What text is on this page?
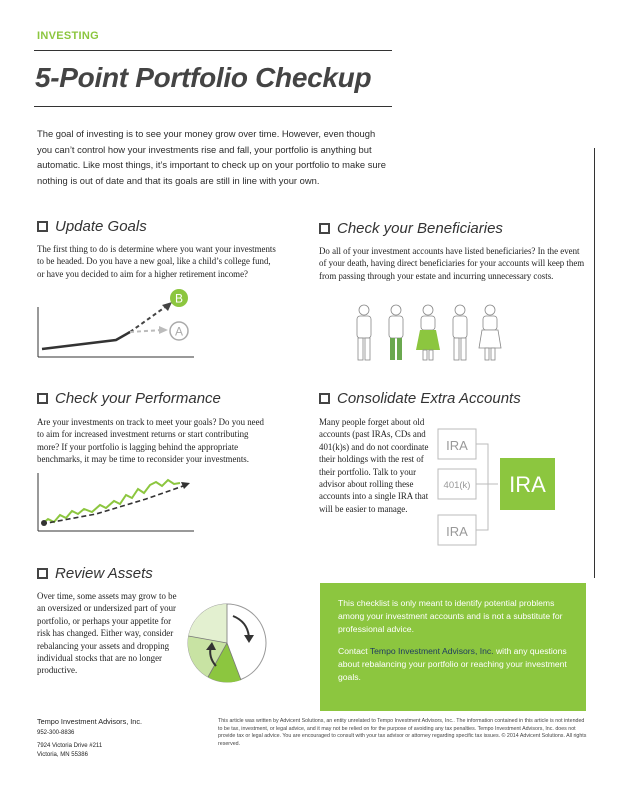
INVESTING
5-Point Portfolio Checkup
The goal of investing is to see your money grow over time. However, even though you can’t control how your investments rise and fall, your portfolio is anything but automatic. Like most things, it’s important to check up on your portfolio to make sure nothing is out of date and that its goals are still in line with your own.
Update Goals
The first thing to do is determine where you want your investments to be headed. Do you have a new goal, like a child’s college fund, or have you decided to aim for a higher retirement income?
B
A
Check your Beneficiaries
Do all of your investment accounts have listed beneficiaries? In the event of your death, having direct beneficiaries for your accounts will keep them from passing through your estate and incurring unnecessary costs.
Check your Performance
Are your investments on track to meet your goals? Do you need to aim for increased investment returns or start contributing more? If your portfolio is lagging behind the appropriate benchmarks, it may be time to reconsider your investments.
Consolidate Extra Accounts
Many people forget about old accounts (past IRAs, CDs and 401(k)s) and do not coordinate their holdings with the rest of their portfolio. Talk to your advisor about rolling these accounts into a single IRA that will be easier to manage.
IRA
401(k)
IRA
IRA
Review Assets
Over time, some assets may grow to be an oversized or undersized part of your portfolio, or perhaps your appetite for risk has changed. Either way, consider rebalancing your assets and dropping individual stocks that are no longer productive.

This checklist is only meant to identify potential problems among your investment accounts and is not a substitute for professional advice.

Contact Tempo Investment Advisors, Inc. with any questions about rebalancing your portfolio or reaching your investment goals.

Tempo Investment Advisors, Inc.
952-300-8836
7924 Victoria Drive #211
Victoria, MN 55386
This article was written by Advicent Solutions, an entity unrelated to Tempo Investment Advisors, Inc.. The information contained in this article is not intended to be tax, investment, or legal advice, and it may not be relied on for the purpose of avoiding any tax penalties. Tempo Investment Advisors, Inc. does not provide tax or legal advice. You are encouraged to consult with your tax advisor or attorney regarding specific tax issues. © 2014 Advicent Solutions. All rights reserved.
